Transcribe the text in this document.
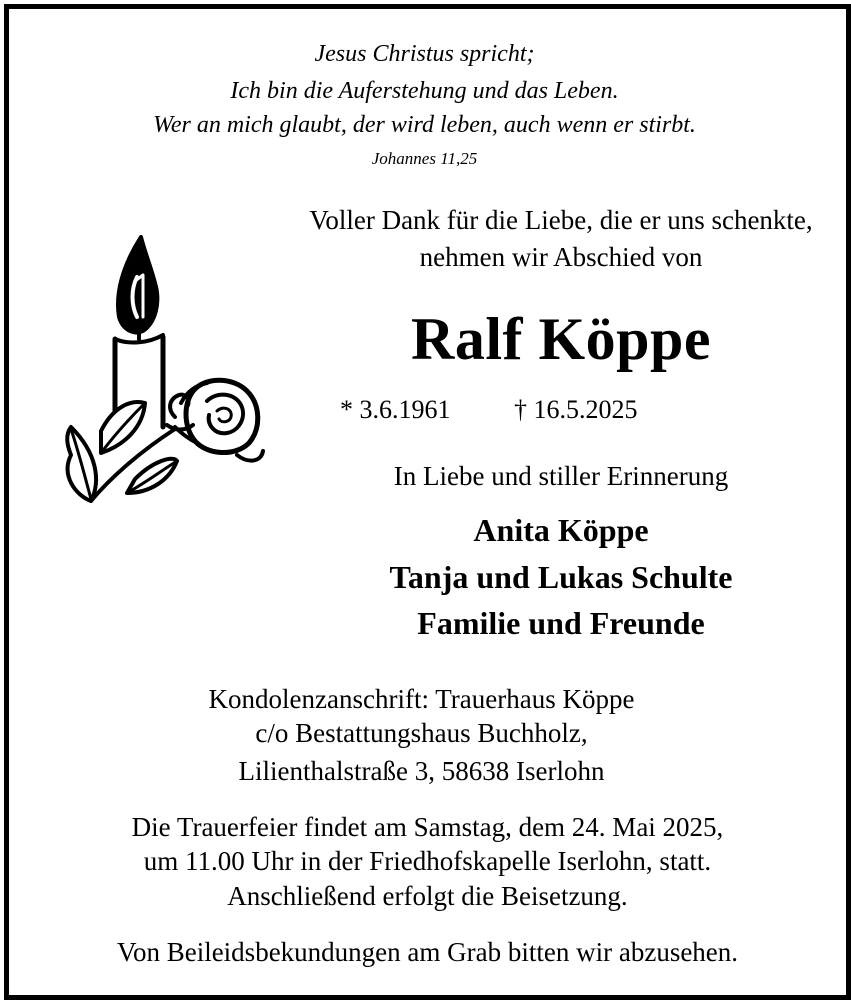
Jesus Christus spricht;
Ich bin die Auferstehung und das Leben.
Wer an mich glaubt, der wird leben, auch wenn er stirbt.
Johannes 11,25
Voller Dank für die Liebe, die er uns schenkte,
nehmen wir Abschied von
Ralf Köppe
* 3.6.1961 † 16.5.2025
In Liebe und stiller Erinnerung
Anita Köppe
Tanja und Lukas Schulte
Familie und Freunde
Kondolenzanschrift: Trauerhaus Köppe
c/o Bestattungshaus Buchholz,
Lilienthalstraße 3, 58638 Iserlohn
Die Trauerfeier findet am Samstag, dem 24. Mai 2025,
um 11.00 Uhr in der Friedhofskapelle Iserlohn, statt.
Anschließend erfolgt die Beisetzung.
Von Beileidsbekundungen am Grab bitten wir abzusehen.
